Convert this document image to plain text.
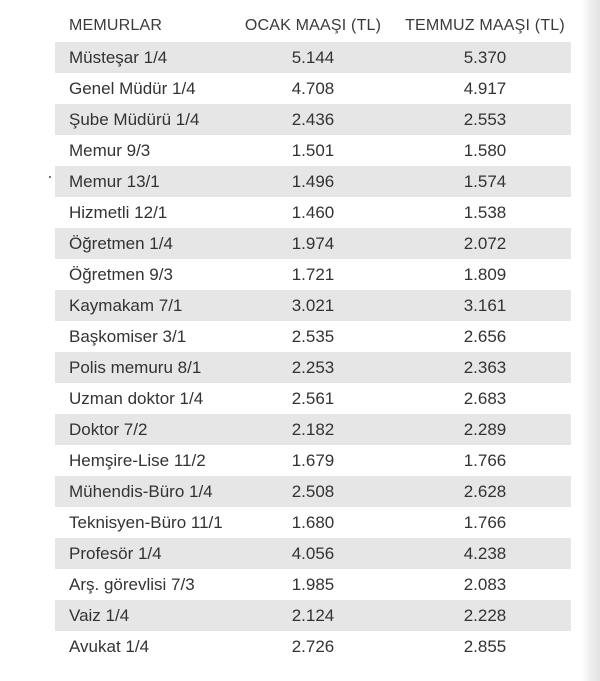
MEMURLAR	OCAK MAAŞI (TL)	TEMMUZ MAAŞI (TL)
Müsteşar 1/4	5.144	5.370
Genel Müdür 1/4	4.708	4.917
Şube Müdürü 1/4	2.436	2.553
Memur 9/3	1.501	1.580
Memur 13/1	1.496	1.574
Hizmetli 12/1	1.460	1.538
Öğretmen 1/4	1.974	2.072
Öğretmen 9/3	1.721	1.809
Kaymakam 7/1	3.021	3.161
Başkomiser 3/1	2.535	2.656
Polis memuru 8/1	2.253	2.363
Uzman doktor 1/4	2.561	2.683
Doktor 7/2	2.182	2.289
Hemşire-Lise 11/2	1.679	1.766
Mühendis-Büro 1/4	2.508	2.628
Teknisyen-Büro 11/1	1.680	1.766
Profesör 1/4	4.056	4.238
Arş. görevlisi 7/3	1.985	2.083
Vaiz 1/4	2.124	2.228
Avukat 1/4	2.726	2.855
